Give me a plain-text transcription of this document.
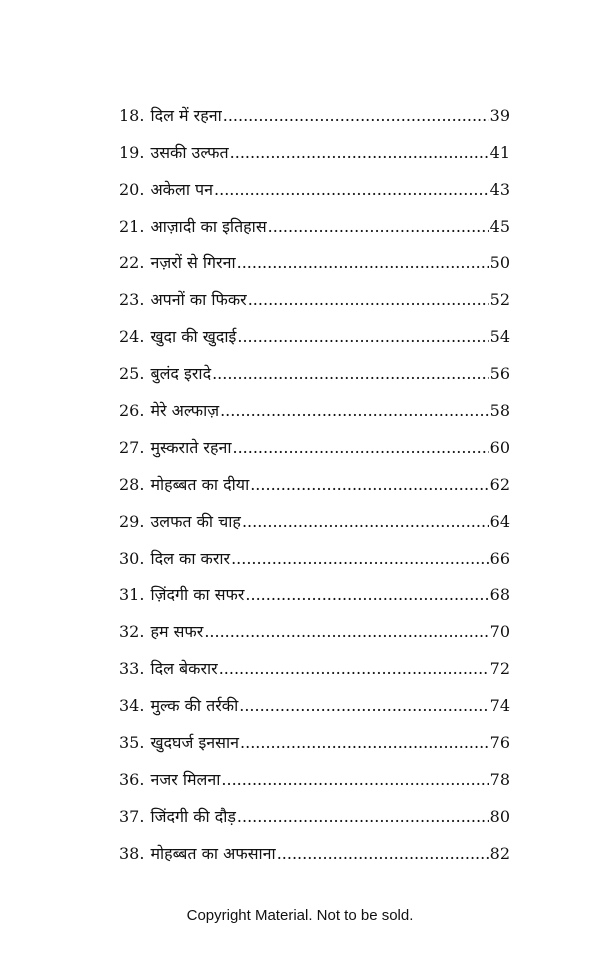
18. दिल में रहना .....	39
19. उसकी उल्फत .....	41
20. अकेला पन .....	43
21. आज़ादी का इतिहास .....	45
22. नज़रों से गिरना .....	50
23. अपनों का फिकर .....	52
24. खुदा की खुदाई .....	54
25. बुलंद इरादे .....	56
26. मेरे अल्फाज़ .....	58
27. मुस्कराते रहना .....	60
28. मोहब्बत का दीया .....	62
29. उलफत की चाह .....	64
30. दिल का करार .....	66
31. ज़िंदगी का सफर .....	68
32. हम सफर .....	70
33. दिल बेकरार .....	72
34. मुल्क की तर्रकी .....	74
35. खुदघर्ज इनसान .....	76
36. नजर मिलना .....	78
37. जिंदगी की दौड़ .....	80
38. मोहब्बत का अफसाना .....	82
Copyright Material. Not to be sold.
